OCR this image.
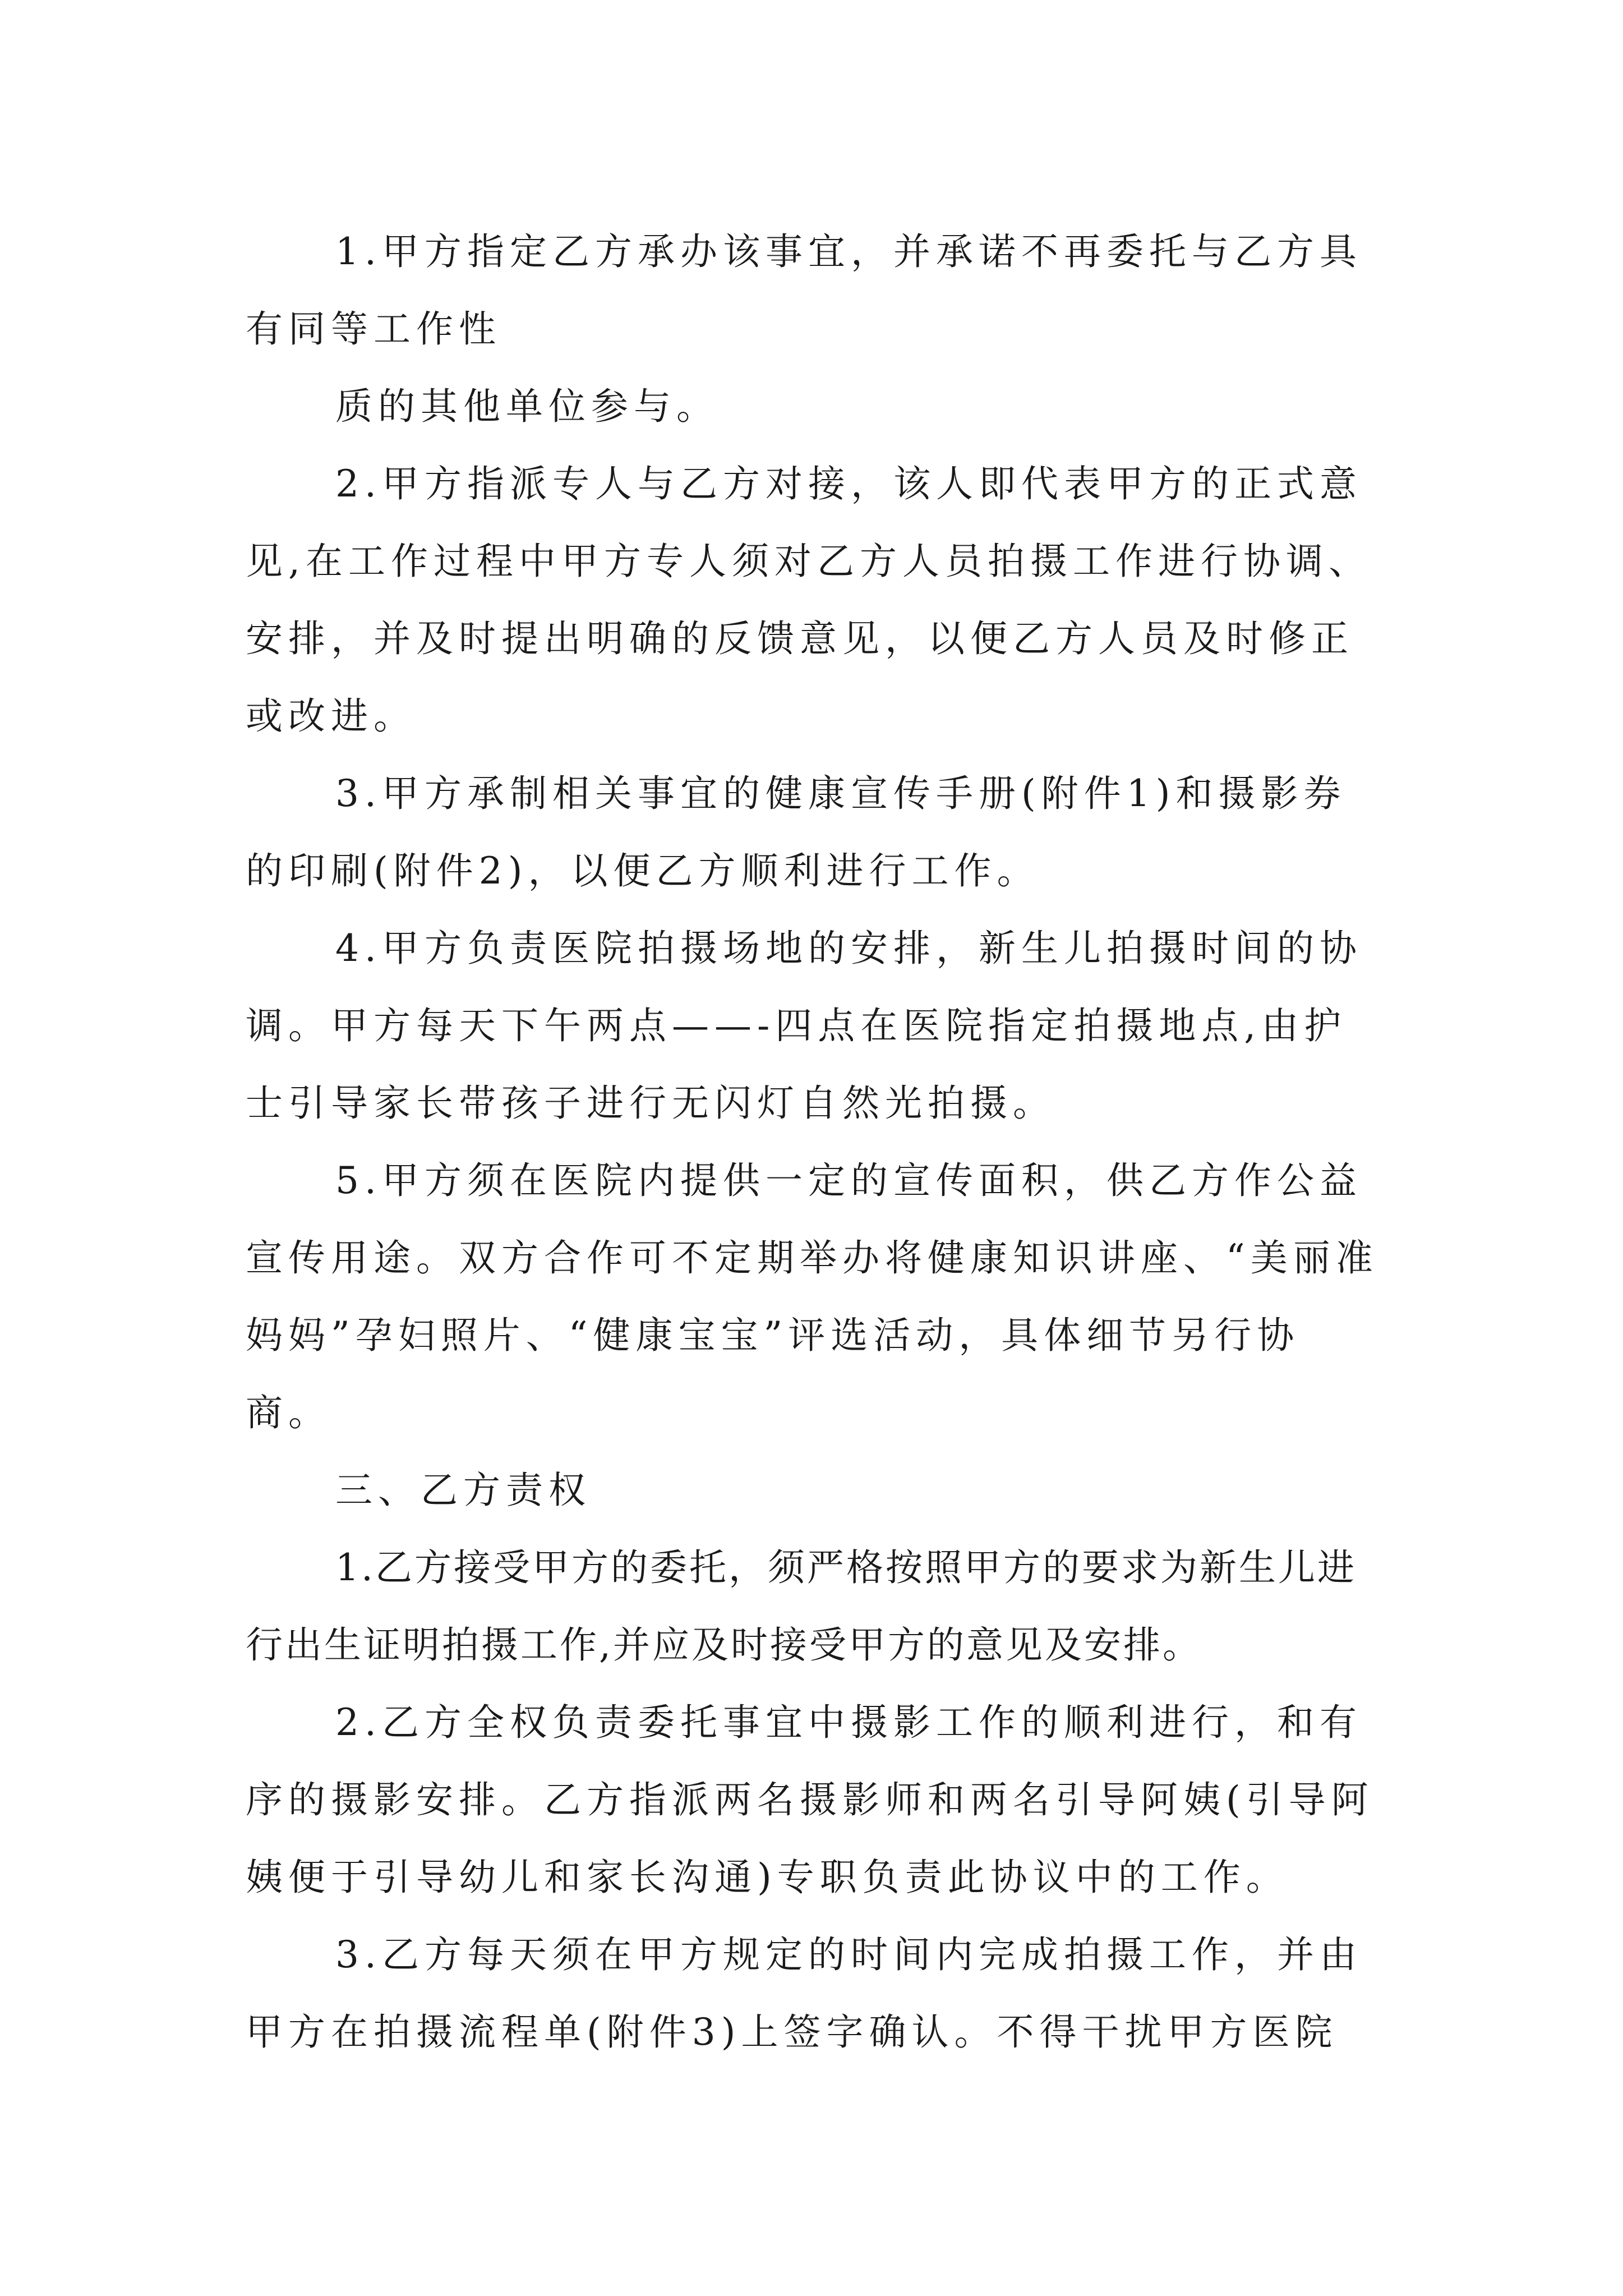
1.甲方指定乙方承办该事宜，并承诺不再委托与乙方具有同等工作性

质的其他单位参与。

2.甲方指派专人与乙方对接，该人即代表甲方的正式意见,在工作过程中甲方专人须对乙方人员拍摄工作进行协调、安排，并及时提出明确的反馈意见，以便乙方人员及时修正或改进。

3.甲方承制相关事宜的健康宣传手册(附件1)和摄影券的印刷(附件2)，以便乙方顺利进行工作。

4.甲方负责医院拍摄场地的安排，新生儿拍摄时间的协调。甲方每天下午两点——-四点在医院指定拍摄地点,由护士引导家长带孩子进行无闪灯自然光拍摄。

5.甲方须在医院内提供一定的宣传面积，供乙方作公益宣传用途。双方合作可不定期举办将健康知识讲座、“美丽准妈妈”孕妇照片、“健康宝宝”评选活动，具体细节另行协商。

三、乙方责权

1.乙方接受甲方的委托，须严格按照甲方的要求为新生儿进行出生证明拍摄工作,并应及时接受甲方的意见及安排。

2.乙方全权负责委托事宜中摄影工作的顺利进行，和有序的摄影安排。乙方指派两名摄影师和两名引导阿姨(引导阿姨便于引导幼儿和家长沟通)专职负责此协议中的工作。

3.乙方每天须在甲方规定的时间内完成拍摄工作，并由甲方在拍摄流程单(附件3)上签字确认。不得干扰甲方医院
